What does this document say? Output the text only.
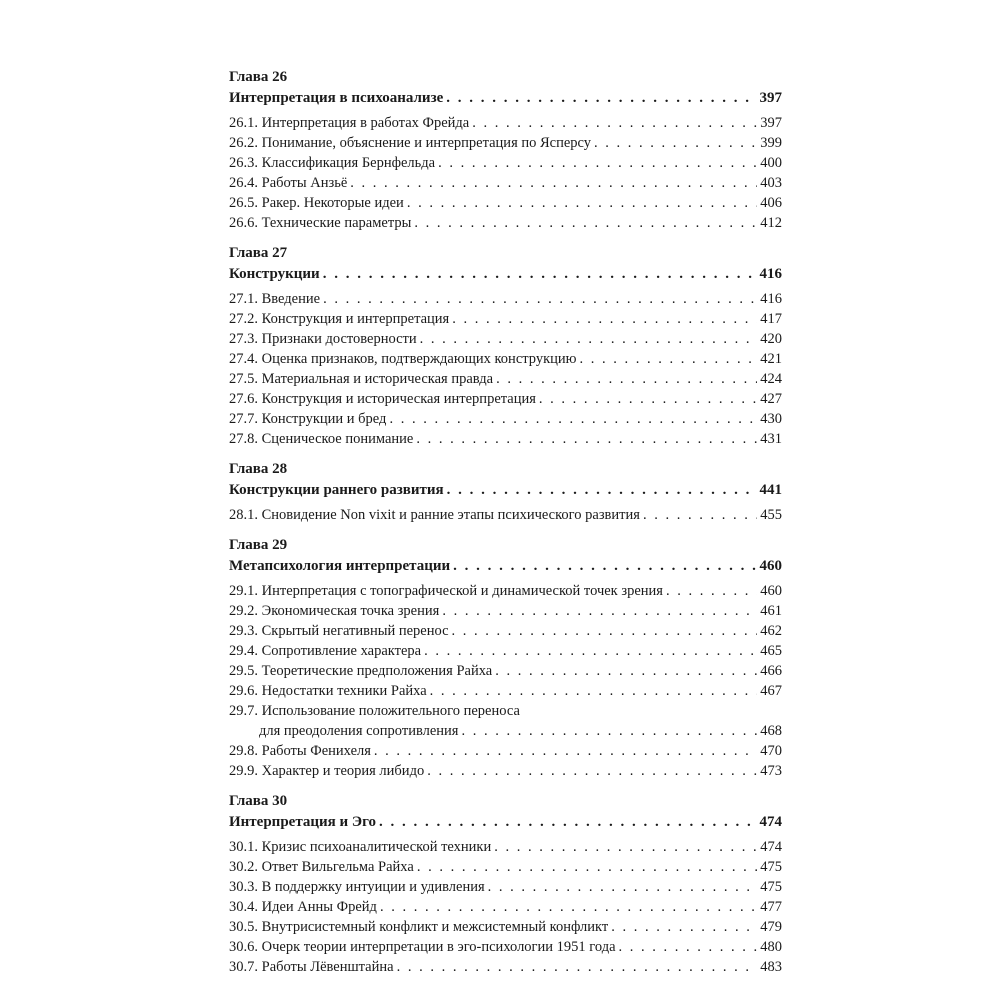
Глава 26
Интерпретация в психоанализе . . .	397
26.1. Интерпретация в работах Фрейда . . .	397
26.2. Понимание, объяснение и интерпретация по Ясперсу . . .	399
26.3. Классификация Бернфельда . . .	400
26.4. Работы Анзьё . . .	403
26.5. Ракер. Некоторые идеи . . .	406
26.6. Технические параметры . . .	412
Глава 27
Конструкции . . .	416
27.1. Введение . . .	416
27.2. Конструкция и интерпретация . . .	417
27.3. Признаки достоверности . . .	420
27.4. Оценка признаков, подтверждающих конструкцию . . .	421
27.5. Материальная и историческая правда . . .	424
27.6. Конструкция и историческая интерпретация . . .	427
27.7. Конструкции и бред . . .	430
27.8. Сценическое понимание . . .	431
Глава 28
Конструкции раннего развития . . .	441
28.1. Сновидение Non vixit и ранние этапы психического развития . . .	455
Глава 29
Метапсихология интерпретации . . .	460
29.1. Интерпретация с топографической и динамической точек зрения . . .	460
29.2. Экономическая точка зрения . . .	461
29.3. Скрытый негативный перенос . . .	462
29.4. Сопротивление характера . . .	465
29.5. Теоретические предположения Райха . . .	466
29.6. Недостатки техники Райха . . .	467
29.7. Использование положительного переноса
для преодоления сопротивления . . .	468
29.8. Работы Фенихеля . . .	470
29.9. Характер и теория либидо . . .	473
Глава 30
Интерпретация и Эго . . .	474
30.1. Кризис психоаналитической техники . . .	474
30.2. Ответ Вильгельма Райха . . .	475
30.3. В поддержку интуиции и удивления . . .	475
30.4. Идеи Анны Фрейд . . .	477
30.5. Внутрисистемный конфликт и межсистемный конфликт . . .	479
30.6. Очерк теории интерпретации в эго-психологии 1951 года . . .	480
30.7. Работы Лёвенштайна . . .	483
